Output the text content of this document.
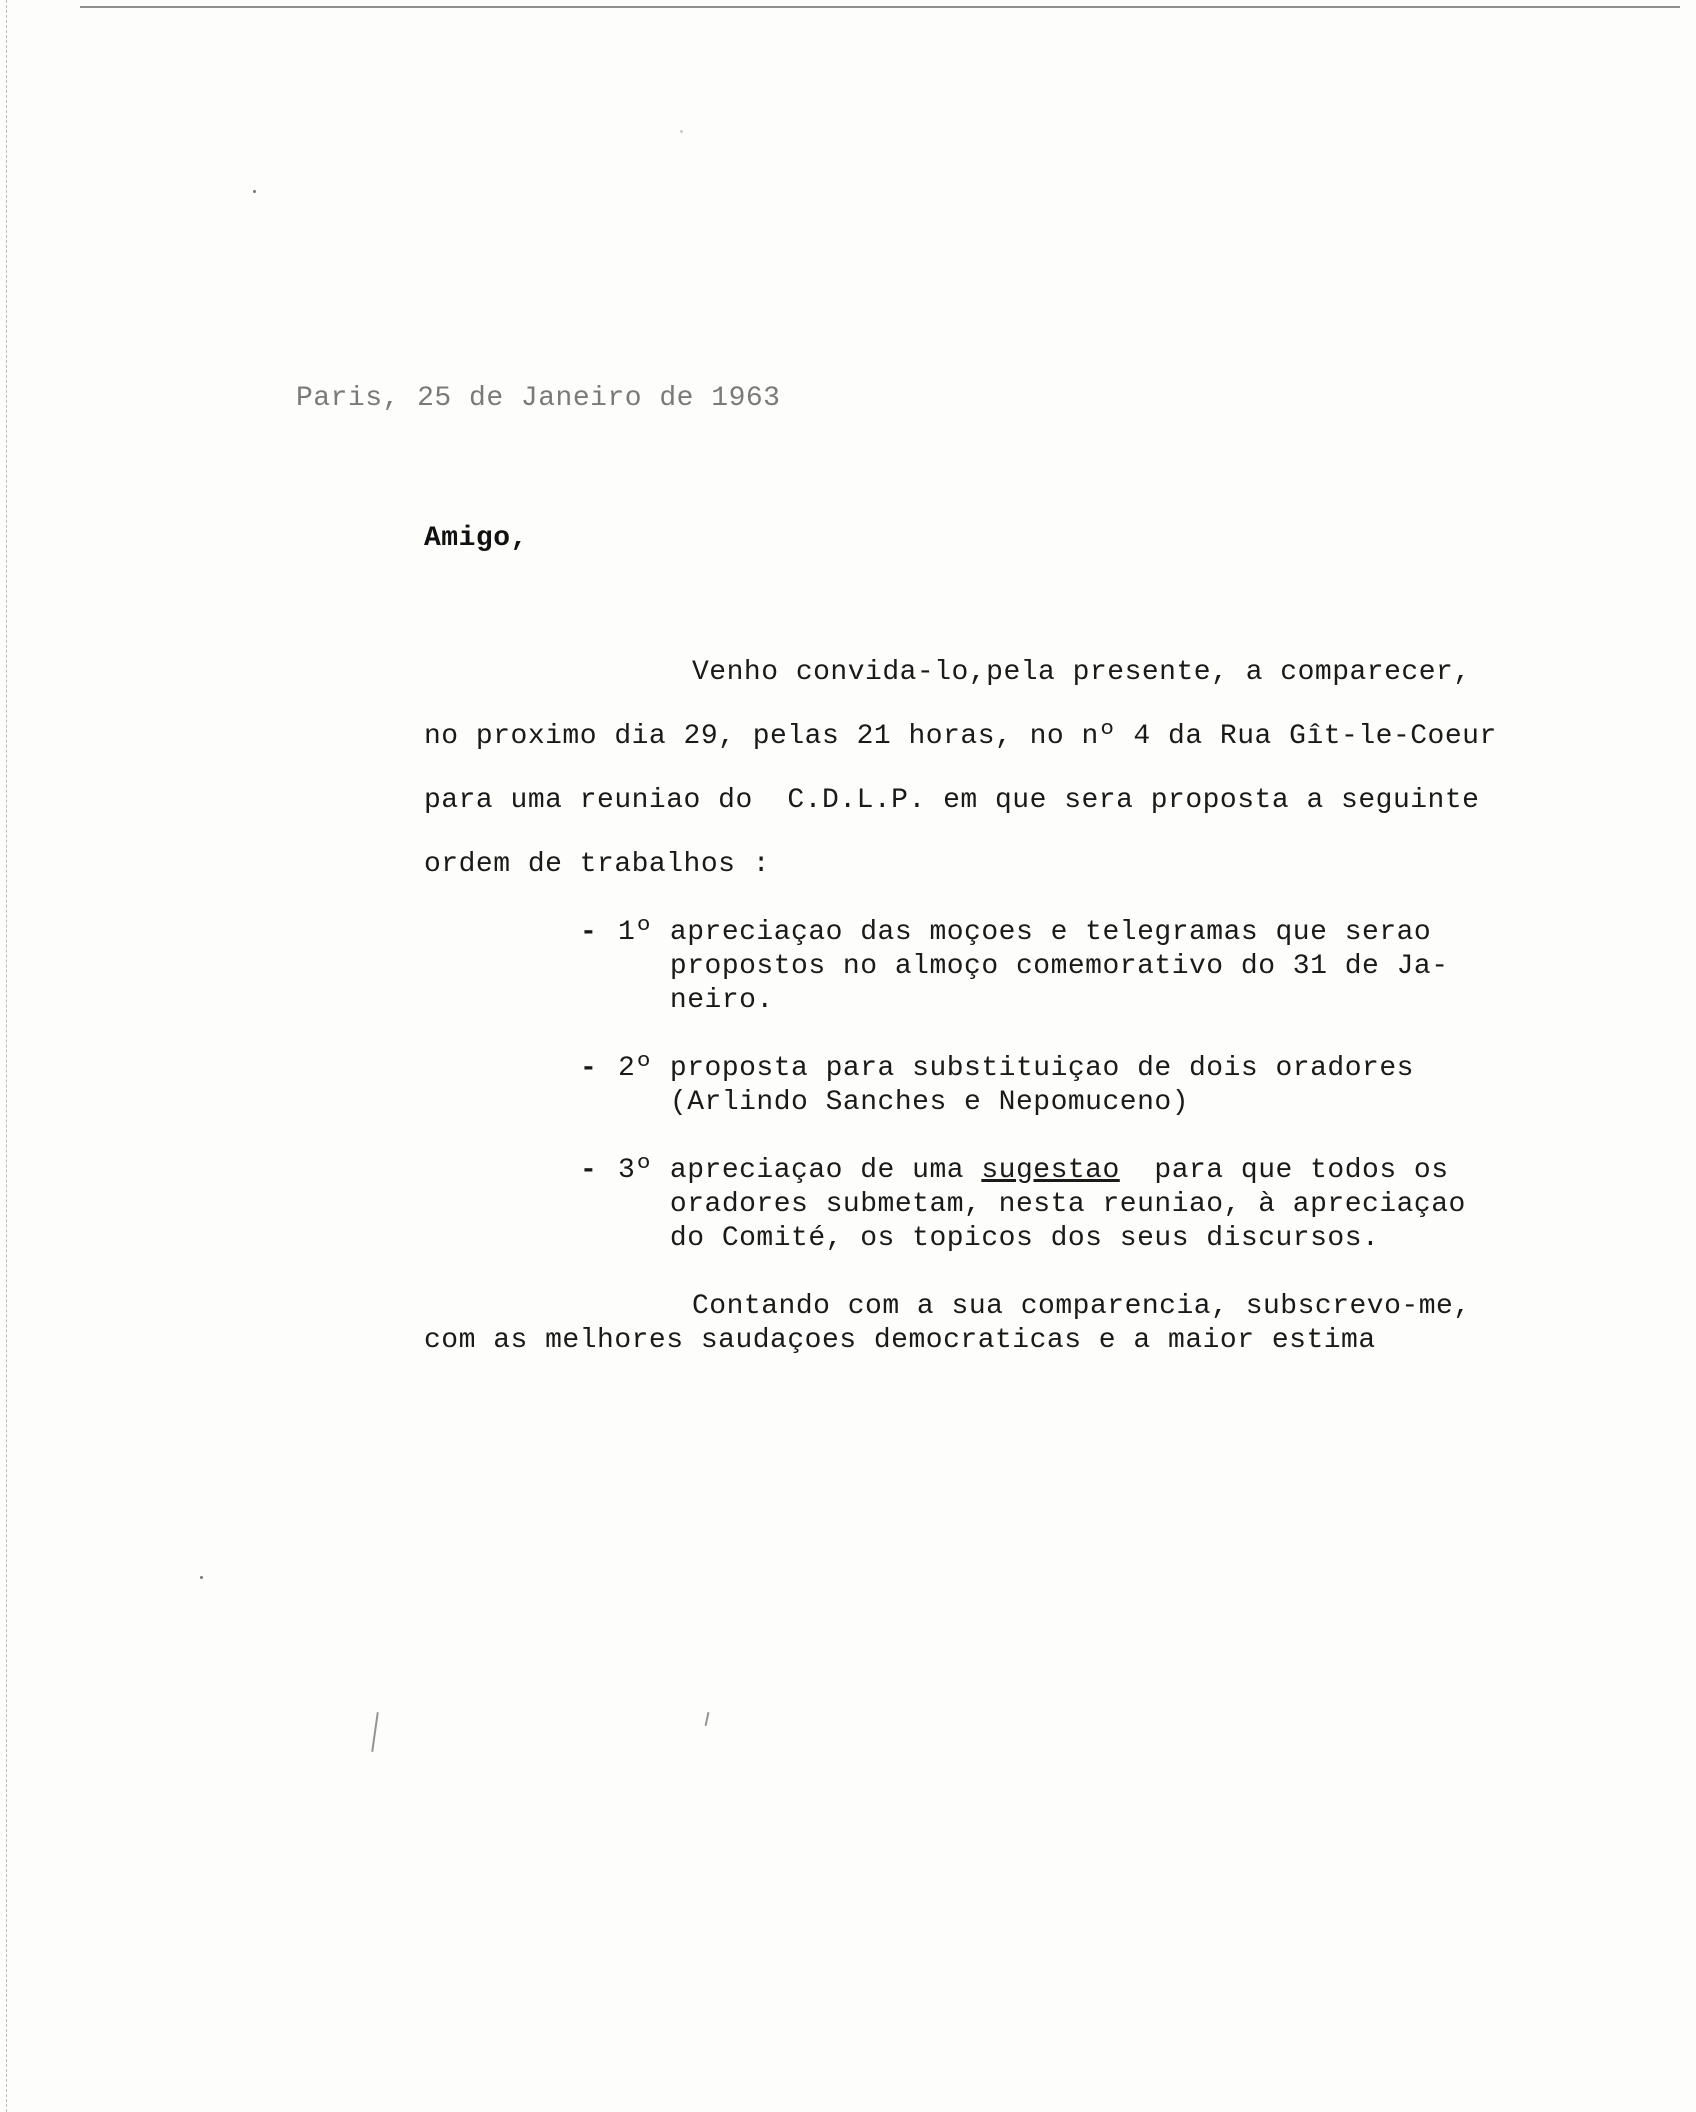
Paris, 25 de Janeiro de 1963
Amigo,
Venho convida-lo,pela presente, a comparecer,
no proximo dia 29, pelas 21 horas, no nº 4 da Rua Gît-le-Coeur
para uma reuniao do  C.D.L.P. em que sera proposta a seguinte
ordem de trabalhos :
- 1º apreciaçao das moçoes e telegramas que serao
propostos no almoço comemorativo do 31 de Ja-
neiro.
- 2º proposta para substituiçao de dois oradores
(Arlindo Sanches e Nepomuceno)
- 3º apreciaçao de uma sugestao  para que todos os
oradores submetam, nesta reuniao, à apreciaçao
do Comité, os topicos dos seus discursos.
Contando com a sua comparencia, subscrevo-me,
com as melhores saudaçoes democraticas e a maior estima
